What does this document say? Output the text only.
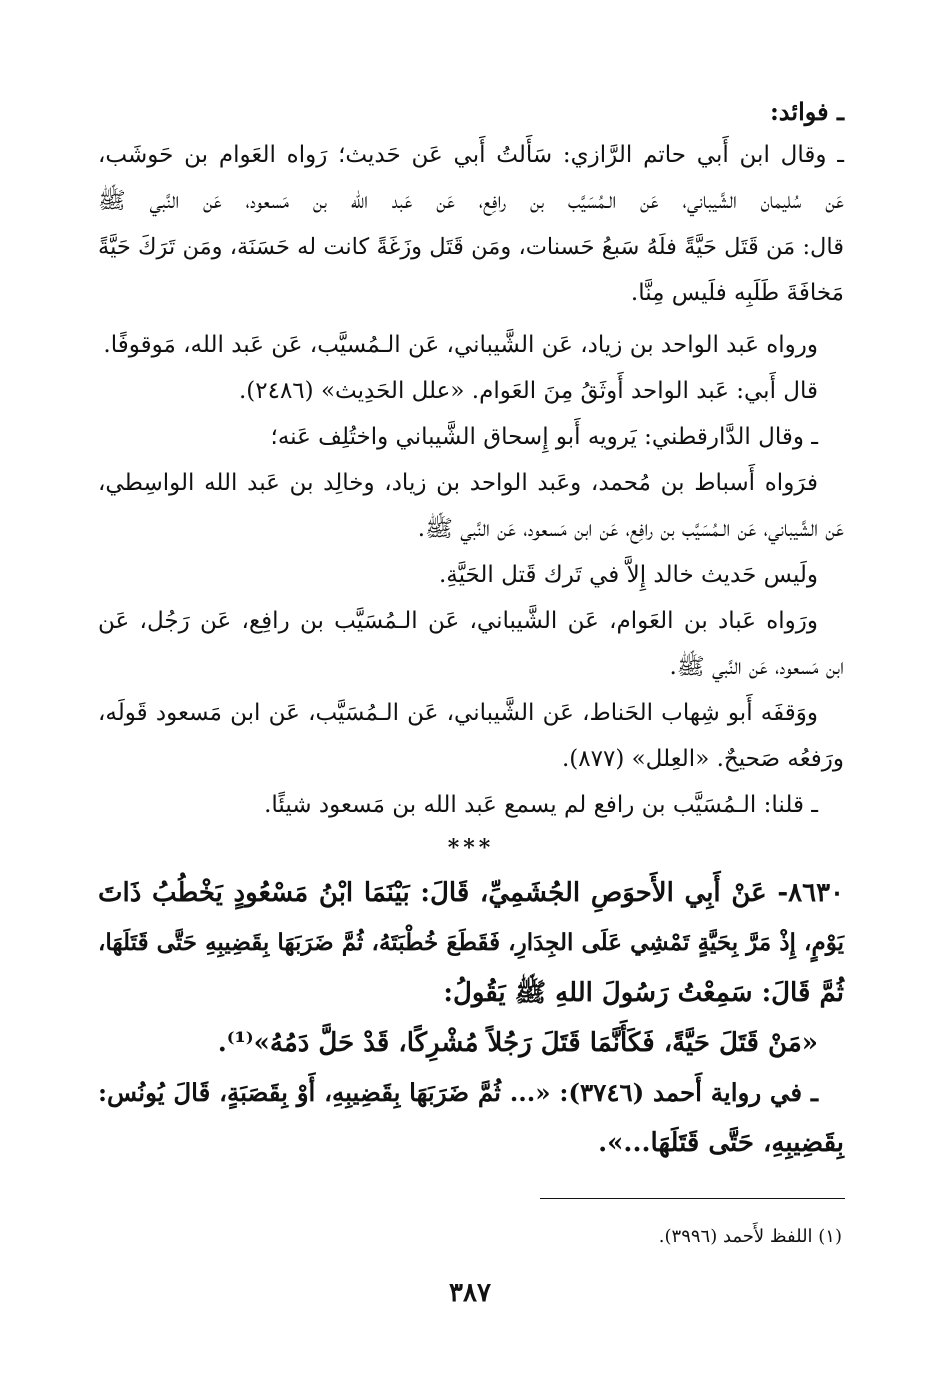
ـ فوائد:
ـ وقال ابن أَبي حاتم الرَّازي: سَأَلتُ أَبي عَن حَديث؛ رَواه العَوام بن حَوشَب،
عَن سُليمان الشَّيباني، عَن الـمُسَيَّب بن رافِع، عَن عَبد الله بن مَسعود، عَن النَّبي ﷺ
قال: مَن قَتَل حَيَّةً فلَهُ سَبعُ حَسنات، ومَن قَتَل وزَغَةً كانت له حَسَنَة، ومَن تَرَكَ حَيَّةً
مَخافَةَ طَلَبِه فلَيس مِنَّا.
ورواه عَبد الواحد بن زياد، عَن الشَّيباني، عَن الـمُسيَّب، عَن عَبد الله، مَوقوفًا.
قال أَبي: عَبد الواحد أَوثَقُ مِنَ العَوام. «علل الحَدِيث» (٢٤٨٦).
ـ وقال الدَّارقطني: يَرويه أَبو إِسحاق الشَّيباني واختُلِف عَنه؛
فرَواه أَسباط بن مُحمد، وعَبد الواحد بن زياد، وخالِد بن عَبد الله الواسِطي،
عَن الشَّيباني، عَن الـمُسَيَّب بن رافِع، عَن ابن مَسعود، عَن النَّبي ﷺ.
ولَيس حَديث خالد إِلاَّ في تَرك قَتل الحَيَّةِ.
ورَواه عَباد بن العَوام، عَن الشَّيباني، عَن الـمُسَيَّب بن رافِع، عَن رَجُل، عَن
ابن مَسعود، عَن النَّبي ﷺ.
ووَقفَه أَبو شِهاب الحَناط، عَن الشَّيباني، عَن الـمُسَيَّب، عَن ابن مَسعود قَولَه،
ورَفعُه صَحيحٌ. «العِلل» (٨٧٧).
ـ قلنا: الـمُسَيَّب بن رافع لم يسمع عَبد الله بن مَسعود شيئًا.
***
٨٦٣٠- عَنْ أَبِي الأَحوَصِ الجُشَمِيِّ، قَالَ: بَيْنَمَا ابْنُ مَسْعُودٍ يَخْطُبُ ذَاتَ
يَوْمٍ، إِذْ مَرَّ بِحَيَّةٍ تَمْشِي عَلَى الجِدَارِ، فَقَطَعَ خُطْبَتَهُ، ثُمَّ ضَرَبَهَا بِقَضِيبِهِ حَتَّى قَتَلَهَا،
ثُمَّ قَالَ: سَمِعْتُ رَسُولَ اللهِ ﷺ يَقُولُ:
«مَنْ قَتَلَ حَيَّةً، فَكَأَنَّمَا قَتَلَ رَجُلاً مُشْرِكًا، قَدْ حَلَّ دَمُهُ»⁽¹⁾.
ـ في رواية أَحمد (٣٧٤٦): «... ثُمَّ ضَرَبَهَا بِقَضِيبِهِ، أَوْ بِقَصَبَةٍ، قَالَ يُونُس:
بِقَضِيبِهِ، حَتَّى قَتَلَهَا...».
(١) اللفظ لأَحمد (٣٩٩٦).
٣٨٧
